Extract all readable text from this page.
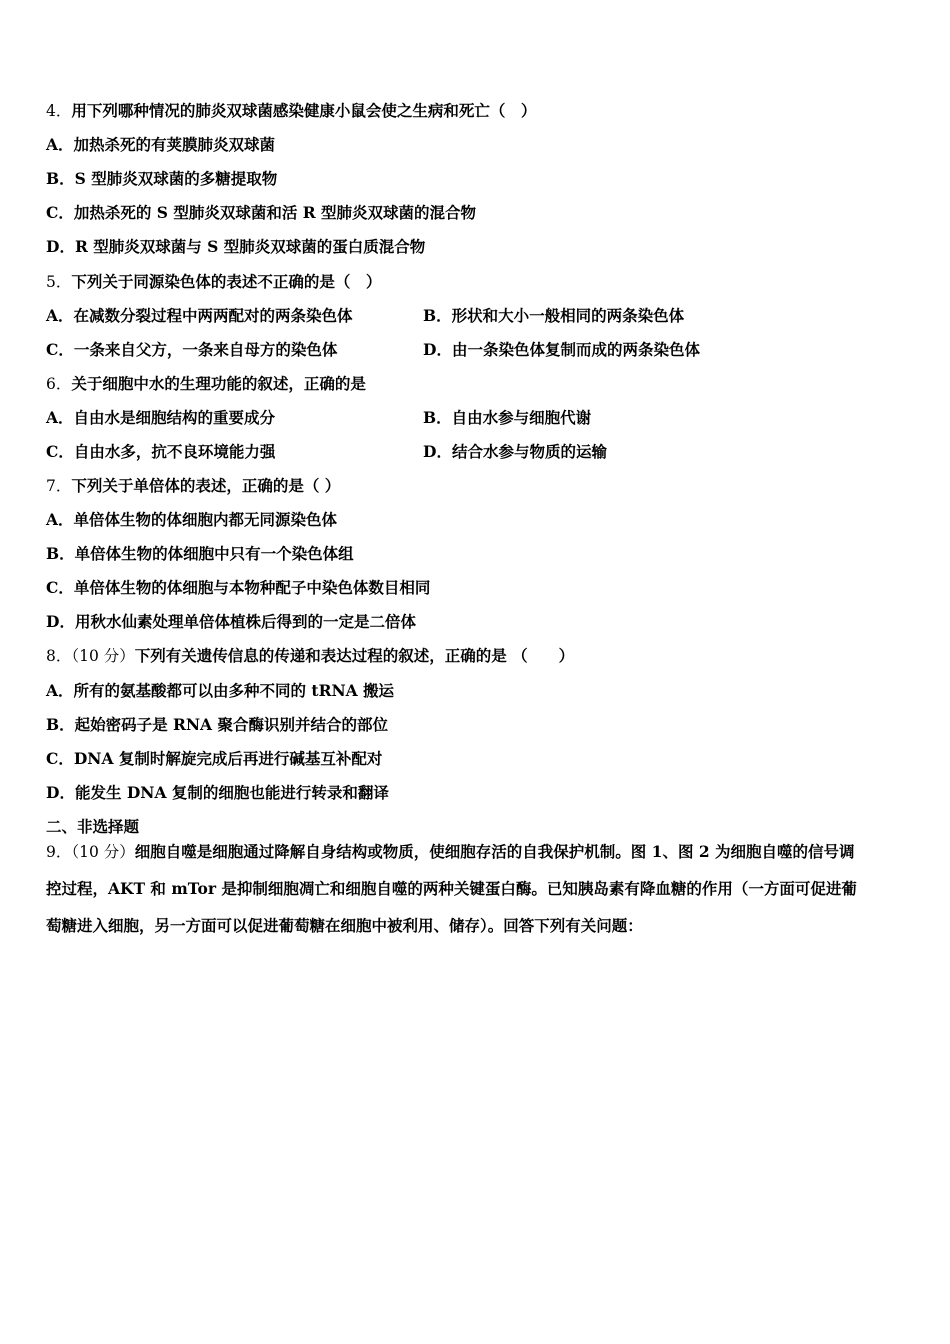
4．用下列哪种情况的肺炎双球菌感染健康小鼠会使之生病和死亡（　）
A．加热杀死的有荚膜肺炎双球菌
B．S 型肺炎双球菌的多糖提取物
C．加热杀死的 S 型肺炎双球菌和活 R 型肺炎双球菌的混合物
D．R 型肺炎双球菌与 S 型肺炎双球菌的蛋白质混合物
5．下列关于同源染色体的表述不正确的是（　）
A．在减数分裂过程中两两配对的两条染色体	B．形状和大小一般相同的两条染色体
C．一条来自父方，一条来自母方的染色体	D．由一条染色体复制而成的两条染色体
6．关于细胞中水的生理功能的叙述，正确的是
A．自由水是细胞结构的重要成分	B．自由水参与细胞代谢
C．自由水多，抗不良环境能力强	D．结合水参与物质的运输
7．下列关于单倍体的表述，正确的是（ ）
A．单倍体生物的体细胞内都无同源染色体
B．单倍体生物的体细胞中只有一个染色体组
C．单倍体生物的体细胞与本物种配子中染色体数目相同
D．用秋水仙素处理单倍体植株后得到的一定是二倍体
8．（10 分）下列有关遗传信息的传递和表达过程的叙述，正确的是 （　　）
A．所有的氨基酸都可以由多种不同的 tRNA 搬运
B．起始密码子是 RNA 聚合酶识别并结合的部位
C．DNA 复制时解旋完成后再进行碱基互补配对
D．能发生 DNA 复制的细胞也能进行转录和翻译
二、非选择题
9．（10 分）细胞自噬是细胞通过降解自身结构或物质，使细胞存活的自我保护机制。图 1、图 2 为细胞自噬的信号调
控过程，AKT 和 mTor 是抑制细胞凋亡和细胞自噬的两种关键蛋白酶。已知胰岛素有降血糖的作用（一方面可促进葡
萄糖进入细胞，另一方面可以促进葡萄糖在细胞中被利用、储存）。回答下列有关问题：
